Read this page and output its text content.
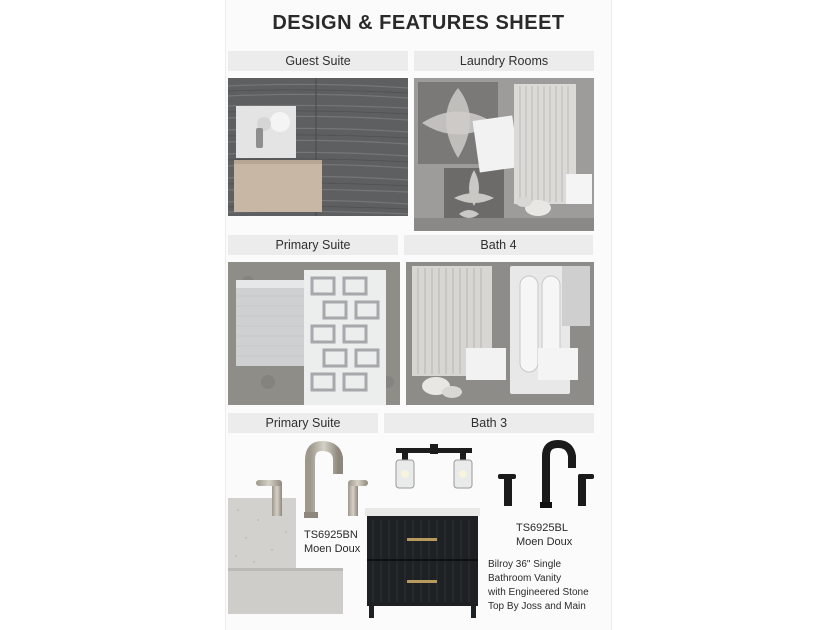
DESIGN & FEATURES SHEET
Guest Suite	Laundry Rooms
Primary Suite	Bath 4
Primary Suite	Bath 3
TS6925BN
Moen Doux
TS6925BL
Moen Doux
Bilroy 36" Single
Bathroom Vanity
with Engineered Stone
Top By Joss and Main
